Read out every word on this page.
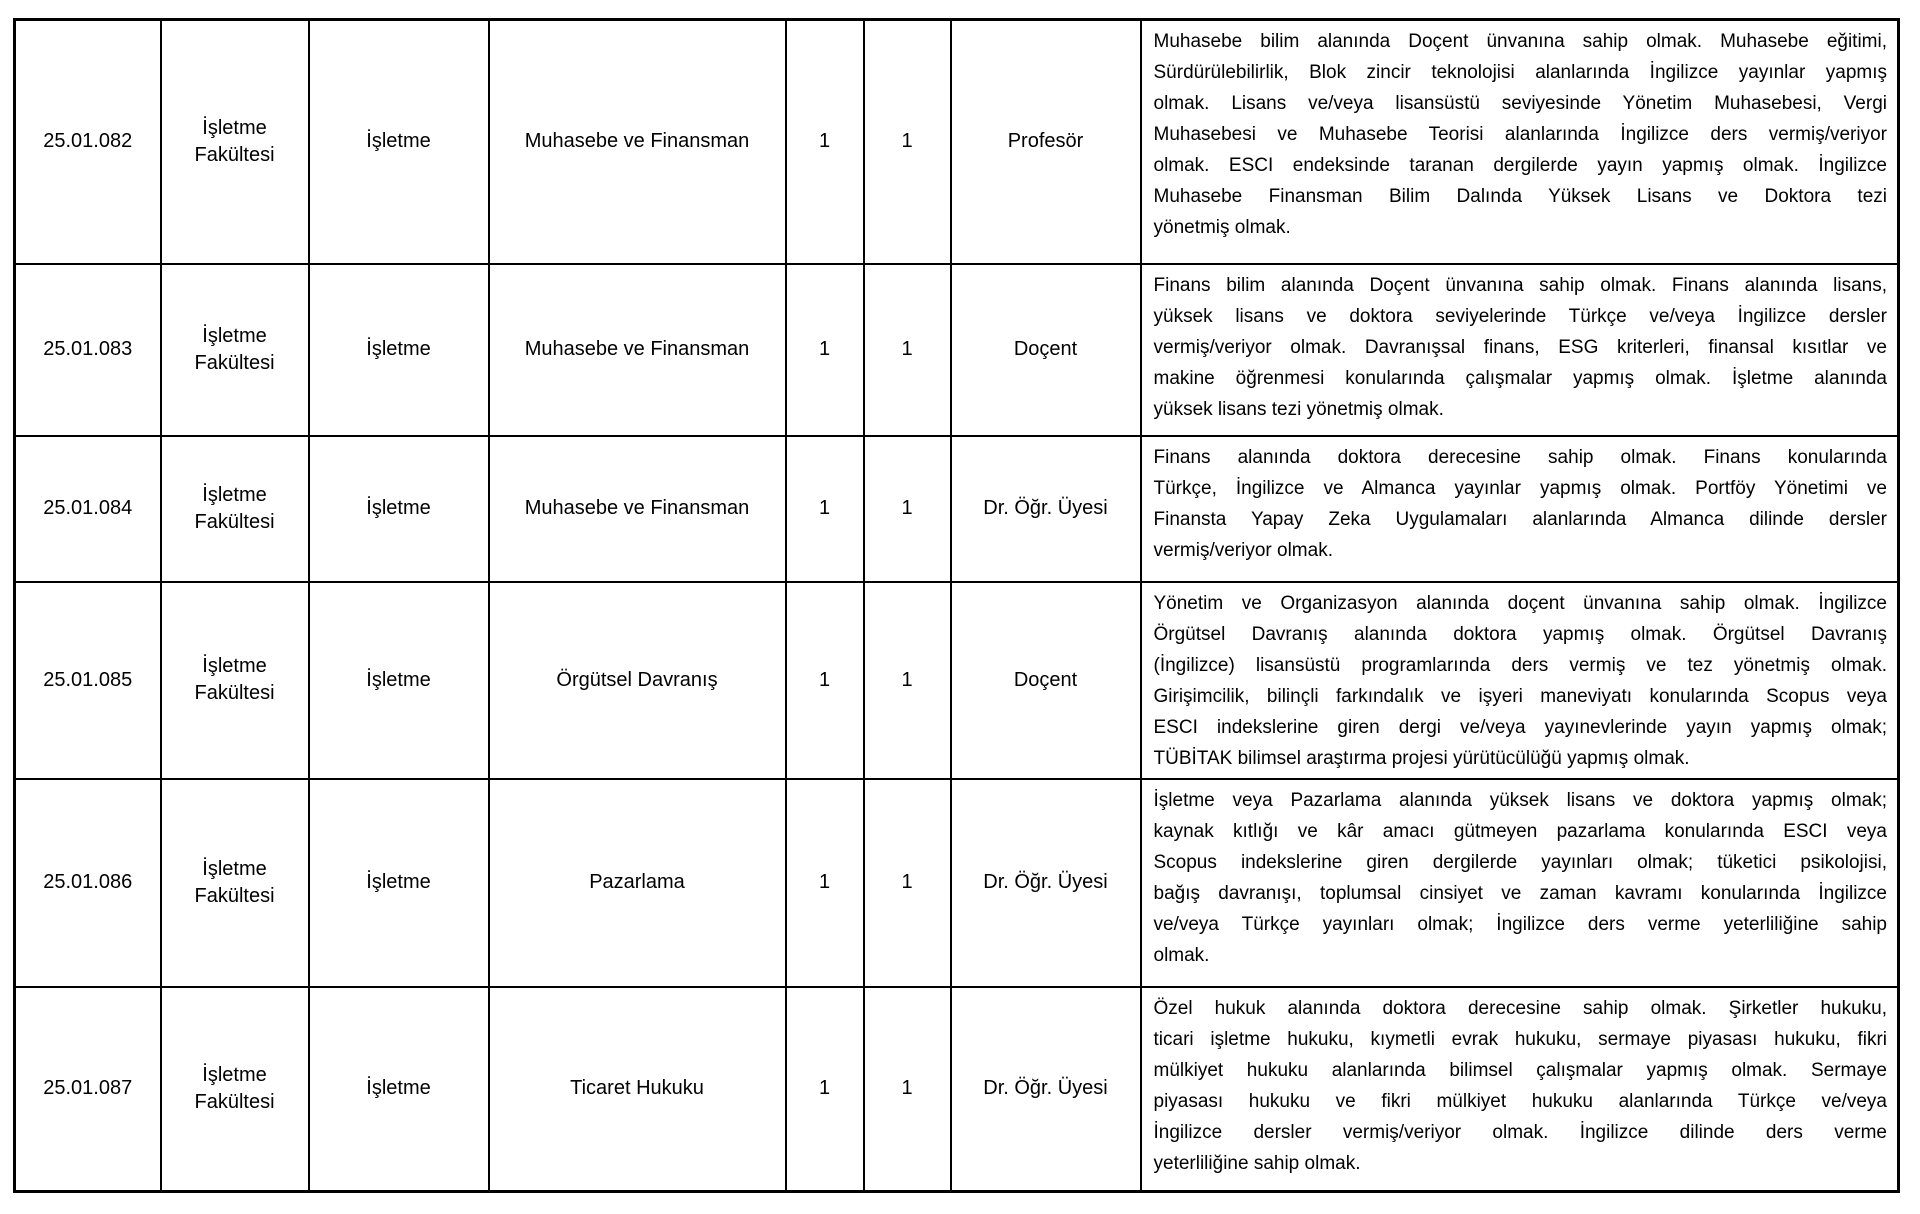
25.01.082	İşletme Fakültesi	İşletme	Muhasebe ve Finansman	1	1	Profesör	
Muhasebe bilim alanında Doçent ünvanına sahip olmak. Muhasebe eğitimi,
Sürdürülebilirlik, Blok zincir teknolojisi alanlarında İngilizce yayınlar yapmış
olmak. Lisans ve/veya lisansüstü seviyesinde Yönetim Muhasebesi, Vergi
Muhasebesi ve Muhasebe Teorisi alanlarında İngilizce ders vermiş/veriyor
olmak. ESCI endeksinde taranan dergilerde yayın yapmış olmak. İngilizce
Muhasebe Finansman Bilim Dalında Yüksek Lisans ve Doktora tezi
yönetmiş olmak.

25.01.083	İşletme Fakültesi	İşletme	Muhasebe ve Finansman	1	1	Doçent	Finans bilim alanında Doçent ünvanına sahip olmak. Finans alanında lisans,
yüksek lisans ve doktora seviyelerinde Türkçe ve/veya İngilizce dersler
vermiş/veriyor olmak. Davranışsal finans, ESG kriterleri, finansal kısıtlar ve
makine öğrenmesi konularında çalışmalar yapmış olmak. İşletme alanında
yüksek lisans tezi yönetmiş olmak.

25.01.084	İşletme Fakültesi	İşletme	Muhasebe ve Finansman	1	1	Dr. Öğr. Üyesi	Finans alanında doktora derecesine sahip olmak. Finans konularında
Türkçe, İngilizce ve Almanca yayınlar yapmış olmak. Portföy Yönetimi ve
Finansta Yapay Zeka Uygulamaları alanlarında Almanca dilinde dersler
vermiş/veriyor olmak.

25.01.085	İşletme Fakültesi	İşletme	Örgütsel Davranış	1	1	Doçent	
Yönetim ve Organizasyon alanında doçent ünvanına sahip olmak. İngilizce
Örgütsel Davranış alanında doktora yapmış olmak. Örgütsel Davranış
(İngilizce) lisansüstü programlarında ders vermiş ve tez yönetmiş olmak.
Girişimcilik, bilinçli farkındalık ve işyeri maneviyatı konularında Scopus veya
ESCI indekslerine giren dergi ve/veya yayınevlerinde yayın yapmış olmak;
TÜBİTAK bilimsel araştırma projesi yürütücülüğü yapmış olmak.

25.01.086	İşletme Fakültesi	İşletme	Pazarlama	1	1	Dr. Öğr. Üyesi	
İşletme veya Pazarlama alanında yüksek lisans ve doktora yapmış olmak;
kaynak kıtlığı ve kâr amacı gütmeyen pazarlama konularında ESCI veya
Scopus indekslerine giren dergilerde yayınları olmak; tüketici psikolojisi,
bağış davranışı, toplumsal cinsiyet ve zaman kavramı konularında İngilizce
ve/veya Türkçe yayınları olmak; İngilizce ders verme yeterliliğine sahip
olmak.

25.01.087	İşletme Fakültesi	İşletme	Ticaret Hukuku	1	1	Dr. Öğr. Üyesi	
Özel hukuk alanında doktora derecesine sahip olmak. Şirketler hukuku,
ticari işletme hukuku, kıymetli evrak hukuku, sermaye piyasası hukuku, fikri
mülkiyet hukuku alanlarında bilimsel çalışmalar yapmış olmak. Sermaye
piyasası hukuku ve fikri mülkiyet hukuku alanlarında Türkçe ve/veya
İngilizce dersler vermiş/veriyor olmak. İngilizce dilinde ders verme
yeterliliğine sahip olmak.
